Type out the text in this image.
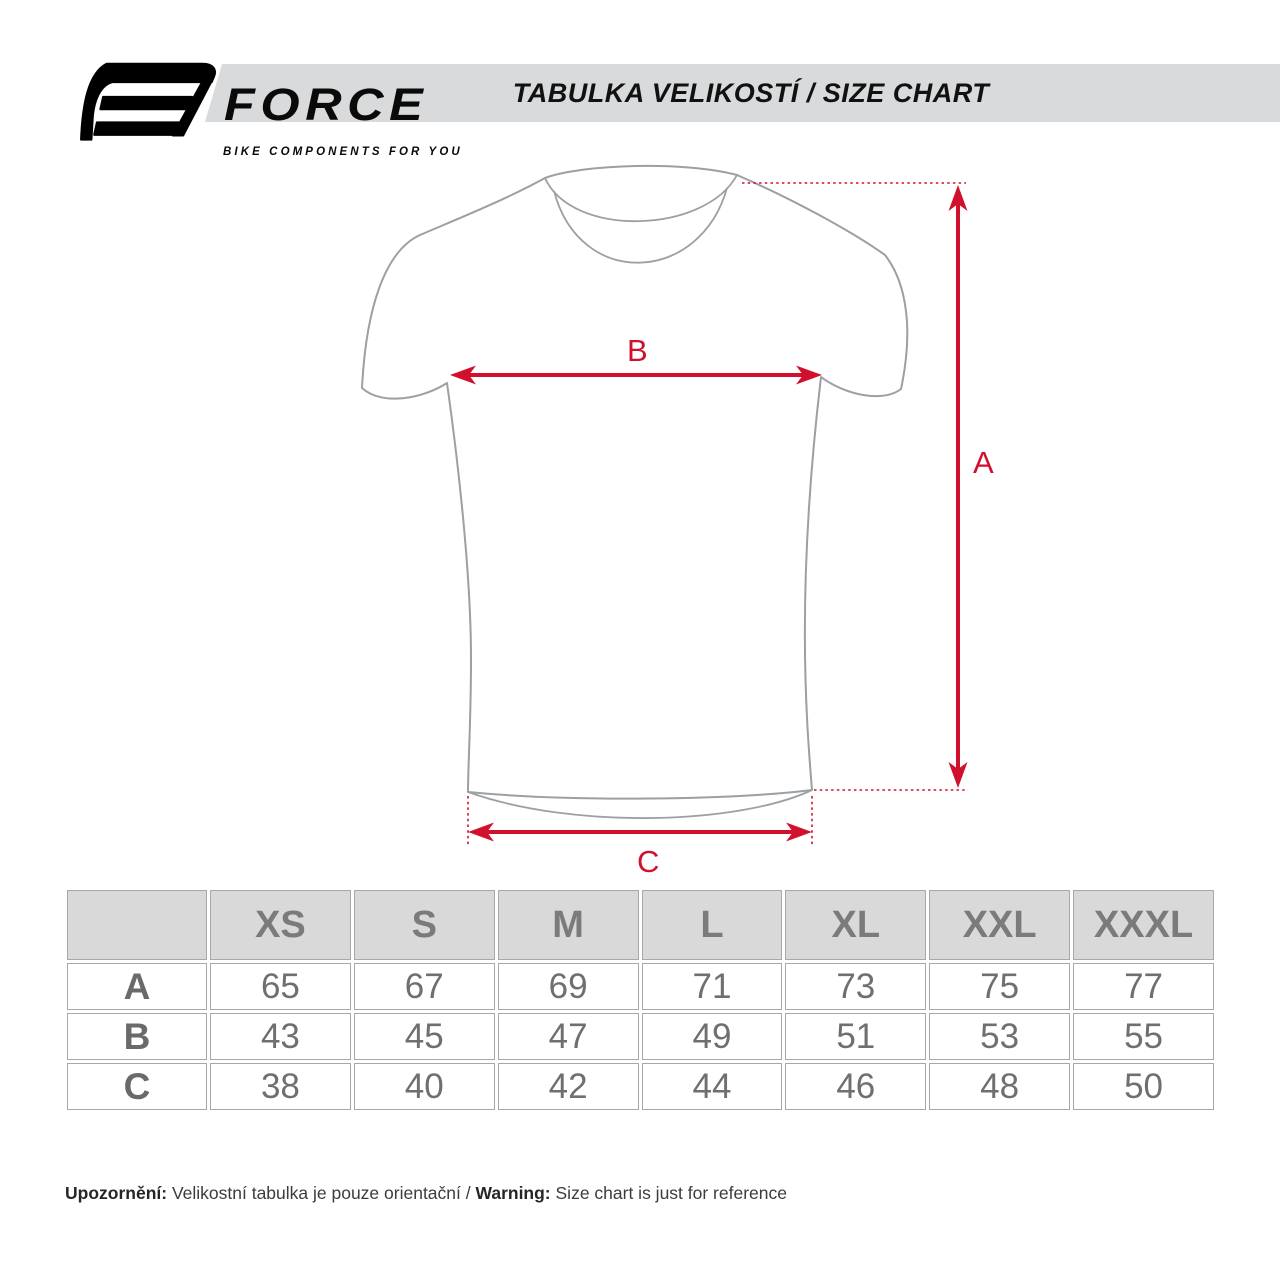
FORCE
BIKE COMPONENTS FOR YOU
TABULKA VELIKOSTÍ / SIZE CHART
A
B
C
	XS	S	M	L	XL	XXL	XXXL
A	65	67	69	71	73	75	77
B	43	45	47	49	51	53	55
C	38	40	42	44	46	48	50
Upozornění: Velikostní tabulka je pouze orientační / Warning: Size chart is just for reference
